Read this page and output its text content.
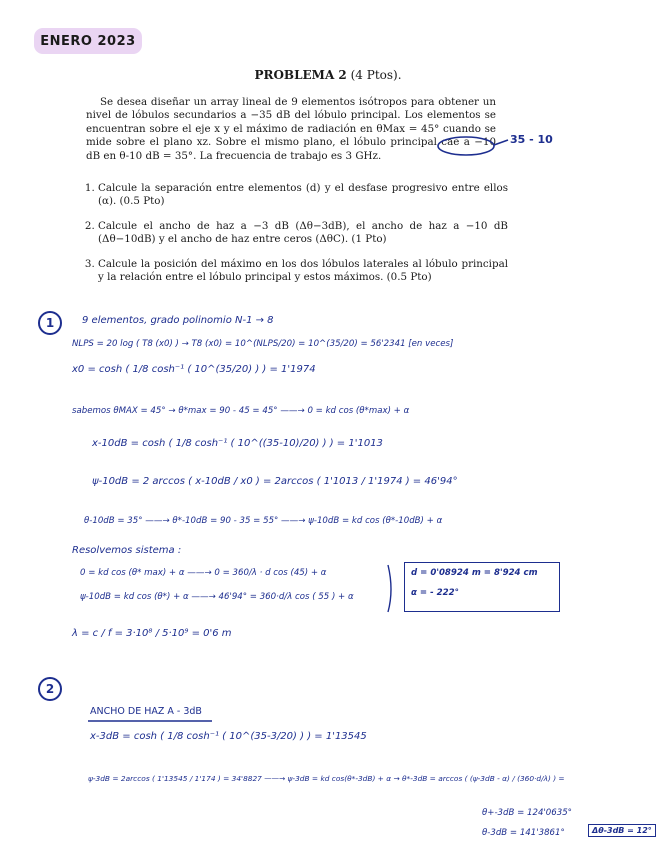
ENERO 2023
PROBLEMA 2 (4 Ptos).
Se desea diseñar un array lineal de 9 elementos isótropos para obtener un nivel de lóbulos secundarios a −35 dB del lóbulo principal. Los elementos se encuentran sobre el eje x y el máximo de radiación en θMax = 45° cuando se mide sobre el plano xz. Sobre el mismo plano, el lóbulo principal cae a −10 dB en θ-10 dB = 35°. La frecuencia de trabajo es 3 GHz.
1. Calcule la separación entre elementos (d) y el desfase progresivo entre ellos (α). (0.5 Pto)
2. Calcule el ancho de haz a −3 dB (Δθ−3dB), el ancho de haz a −10 dB (Δθ−10dB) y el ancho de haz entre ceros (ΔθC). (1 Pto)
3. Calcule la posición del máximo en los dos lóbulos laterales al lóbulo principal y la relación entre el lóbulo principal y estos máximos. (0.5 Pto)
35 - 10
1	9 elementos, grado polinomio N-1 → 8
NLPS = 20 log ( T8 (x0) ) → T8 (x0) = 10^(NLPS/20) = 10^(35/20) = 56'2341 [en veces]
x0 = cosh ( 1/8 cosh⁻¹ ( 10^(35/20) ) ) = 1'1974
sabemos θMAX = 45° → θ*max = 90 - 45 = 45° ——→ 0 = kd cos (θ*max) + α
x-10dB = cosh ( 1/8 cosh⁻¹ ( 10^((35-10)/20) ) ) = 1'1013
ψ-10dB = 2 arccos ( x-10dB / x0 ) = 2arccos ( 1'1013 / 1'1974 ) = 46'94°
θ-10dB = 35° ——→ θ*-10dB = 90 - 35 = 55° ——→ ψ-10dB = kd cos (θ*-10dB) + α
Resolvemos sistema :
0 = kd cos (θ* max) + α ——→ 0 = 360/λ · d cos (45) + α
ψ-10dB = kd cos (θ*) + α ——→ 46'94° = 360·d/λ cos ( 55 ) + α
d = 0'08924 m = 8'924 cm
α = - 222°
λ = c / f = 3·10⁸ / 5·10⁹ = 0'6 m
2
ANCHO DE HAZ A - 3dB
x-3dB = cosh ( 1/8 cosh⁻¹ ( 10^(35-3/20) ) ) = 1'13545
ψ-3dB = 2arccos ( 1'13545 / 1'174 ) = 34'8827 ——→ ψ-3dB = kd cos(θ*-3dB) + α → θ*-3dB = arccos ( (ψ-3dB - α) / (360·d/λ) ) =
θ+-3dB = 124'0635°
θ-3dB = 141'3861°	Δθ-3dB = 12°
